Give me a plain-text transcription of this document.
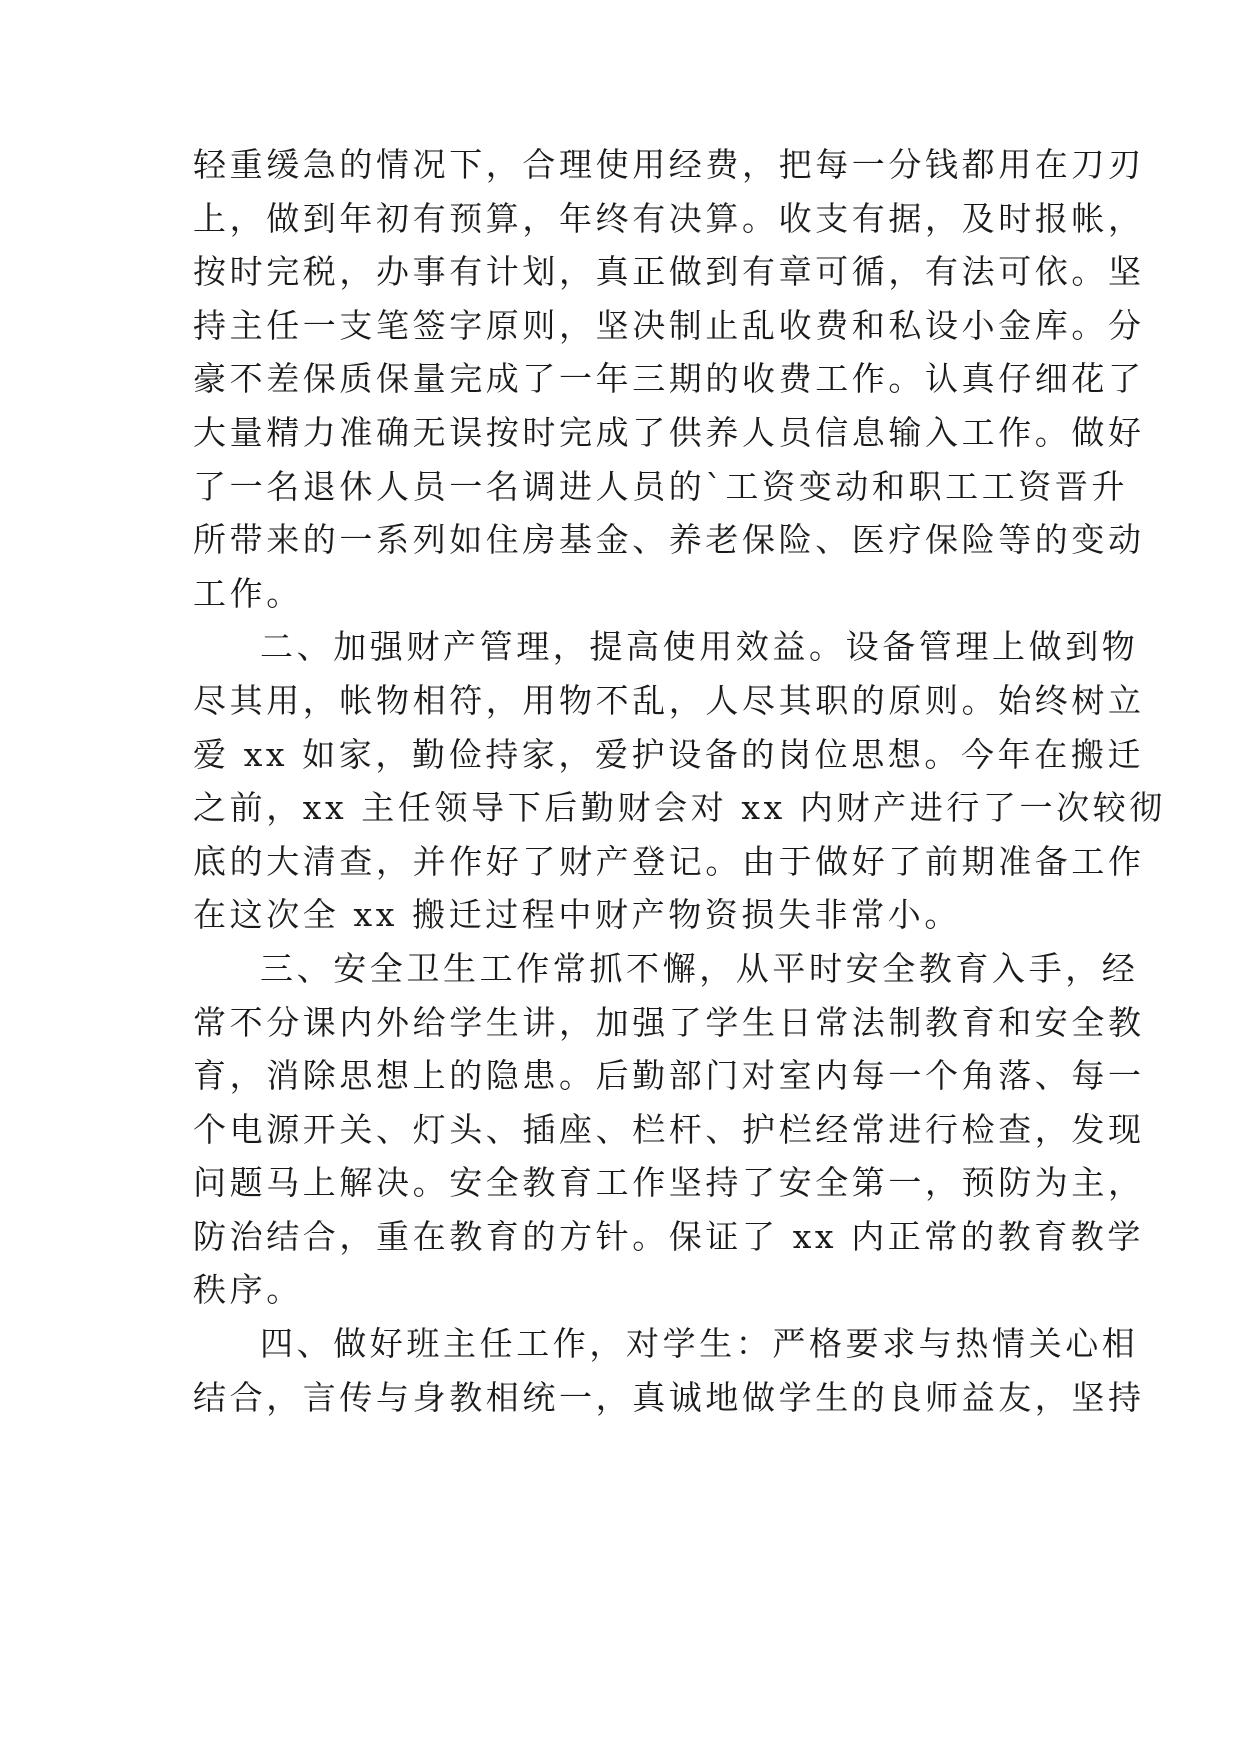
轻重缓急的情况下，合理使用经费，把每一分钱都用在刀刃
上，做到年初有预算，年终有决算。收支有据，及时报帐，
按时完税，办事有计划，真正做到有章可循，有法可依。坚
持主任一支笔签字原则，坚决制止乱收费和私设小金库。分
豪不差保质保量完成了一年三期的收费工作。认真仔细花了
大量精力准确无误按时完成了供养人员信息输入工作。做好
了一名退休人员一名调进人员的`工资变动和职工工资晋升
所带来的一系列如住房基金、养老保险、医疗保险等的变动
工作。
二、加强财产管理，提高使用效益。设备管理上做到物
尽其用，帐物相符，用物不乱，人尽其职的原则。始终树立
爱 xx 如家，勤俭持家，爱护设备的岗位思想。今年在搬迁
之前，xx 主任领导下后勤财会对 xx 内财产进行了一次较彻
底的大清查，并作好了财产登记。由于做好了前期准备工作
在这次全 xx 搬迁过程中财产物资损失非常小。
三、安全卫生工作常抓不懈，从平时安全教育入手，经
常不分课内外给学生讲，加强了学生日常法制教育和安全教
育，消除思想上的隐患。后勤部门对室内每一个角落、每一
个电源开关、灯头、插座、栏杆、护栏经常进行检查，发现
问题马上解决。安全教育工作坚持了安全第一，预防为主，
防治结合，重在教育的方针。保证了 xx 内正常的教育教学
秩序。
四、做好班主任工作，对学生：严格要求与热情关心相
结合，言传与身教相统一，真诚地做学生的良师益友，坚持
